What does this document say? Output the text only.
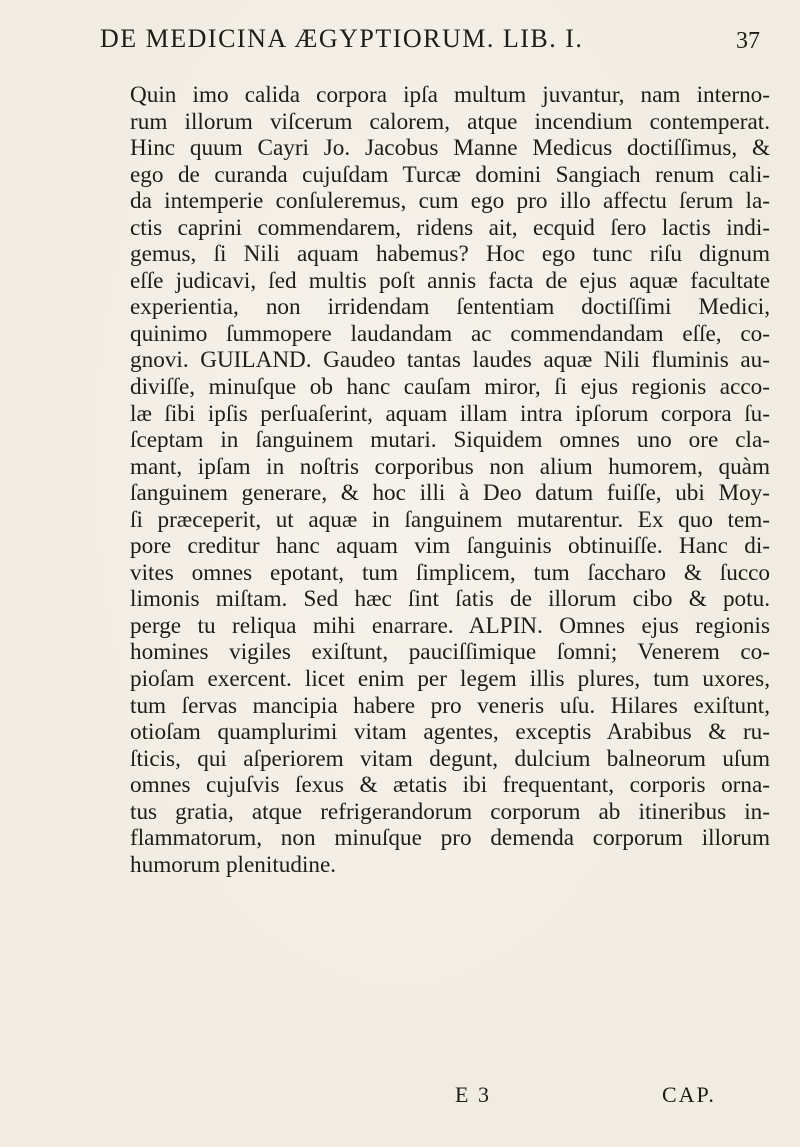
DE MEDICINA ÆGYPTIORUM. LIB. I.	37
Quin imo calida corpora ipſa multum juvantur, nam interno-
rum illorum viſcerum calorem, atque incendium contemperat.
Hinc quum Cayri Jo. Jacobus Manne Medicus doctiſſimus, &
ego de curanda cujuſdam Turcæ domini Sangiach renum cali-
da intemperie conſuleremus, cum ego pro illo affectu ſerum la-
ctis caprini commendarem, ridens ait, ecquid ſero lactis indi-
gemus, ſi Nili aquam habemus? Hoc ego tunc riſu dignum
eſſe judicavi, ſed multis poſt annis facta de ejus aquæ facultate
experientia, non irridendam ſententiam doctiſſimi Medici,
quinimo ſummopere laudandam ac commendandam eſſe, co-
gnovi. GUILAND. Gaudeo tantas laudes aquæ Nili fluminis au-
diviſſe, minuſque ob hanc cauſam miror, ſi ejus regionis acco-
læ ſibi ipſis perſuaſerint, aquam illam intra ipſorum corpora ſu-
ſceptam in ſanguinem mutari. Siquidem omnes uno ore cla-
mant, ipſam in noſtris corporibus non alium humorem, quàm
ſanguinem generare, & hoc illi à Deo datum fuiſſe, ubi Moy-
ſi præceperit, ut aquæ in ſanguinem mutarentur. Ex quo tem-
pore creditur hanc aquam vim ſanguinis obtinuiſſe. Hanc di-
vites omnes epotant, tum ſimplicem, tum ſaccharo & ſucco
limonis miſtam. Sed hæc ſint ſatis de illorum cibo & potu.
perge tu reliqua mihi enarrare. ALPIN. Omnes ejus regionis
homines vigiles exiſtunt, pauciſſimique ſomni; Venerem co-
pioſam exercent. licet enim per legem illis plures, tum uxores,
tum ſervas mancipia habere pro veneris uſu. Hilares exiſtunt,
otioſam quamplurimi vitam agentes, exceptis Arabibus & ru-
ſticis, qui aſperiorem vitam degunt, dulcium balneorum uſum
omnes cujuſvis ſexus & ætatis ibi frequentant, corporis orna-
tus gratia, atque refrigerandorum corporum ab itineribus in-
flammatorum, non minuſque pro demenda corporum illorum
humorum plenitudine.
E 3	CAP.
